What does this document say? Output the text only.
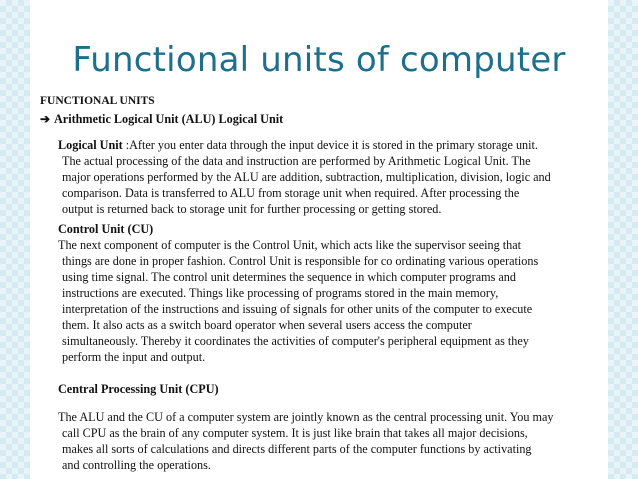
Functional units of computer
FUNCTIONAL UNITS
➔ Arithmetic Logical Unit (ALU) Logical Unit
Logical Unit :After you enter data through the input device it is stored in the primary storage unit.
The actual processing of the data and instruction are performed by Arithmetic Logical Unit. The
major operations performed by the ALU are addition, subtraction, multiplication, division, logic and
comparison. Data is transferred to ALU from storage unit when required. After processing the
output is returned back to storage unit for further processing or getting stored.
Control Unit (CU)
The next component of computer is the Control Unit, which acts like the supervisor seeing that
things are done in proper fashion. Control Unit is responsible for co ordinating various operations
using time signal. The control unit determines the sequence in which computer programs and
instructions are executed. Things like processing of programs stored in the main memory,
interpretation of the instructions and issuing of signals for other units of the computer to execute
them. It also acts as a switch board operator when several users access the computer
simultaneously. Thereby it coordinates the activities of computer's peripheral equipment as they
perform the input and output.
Central Processing Unit (CPU)
The ALU and the CU of a computer system are jointly known as the central processing unit. You may
call CPU as the brain of any computer system. It is just like brain that takes all major decisions,
makes all sorts of calculations and directs different parts of the computer functions by activating
and controlling the operations.
